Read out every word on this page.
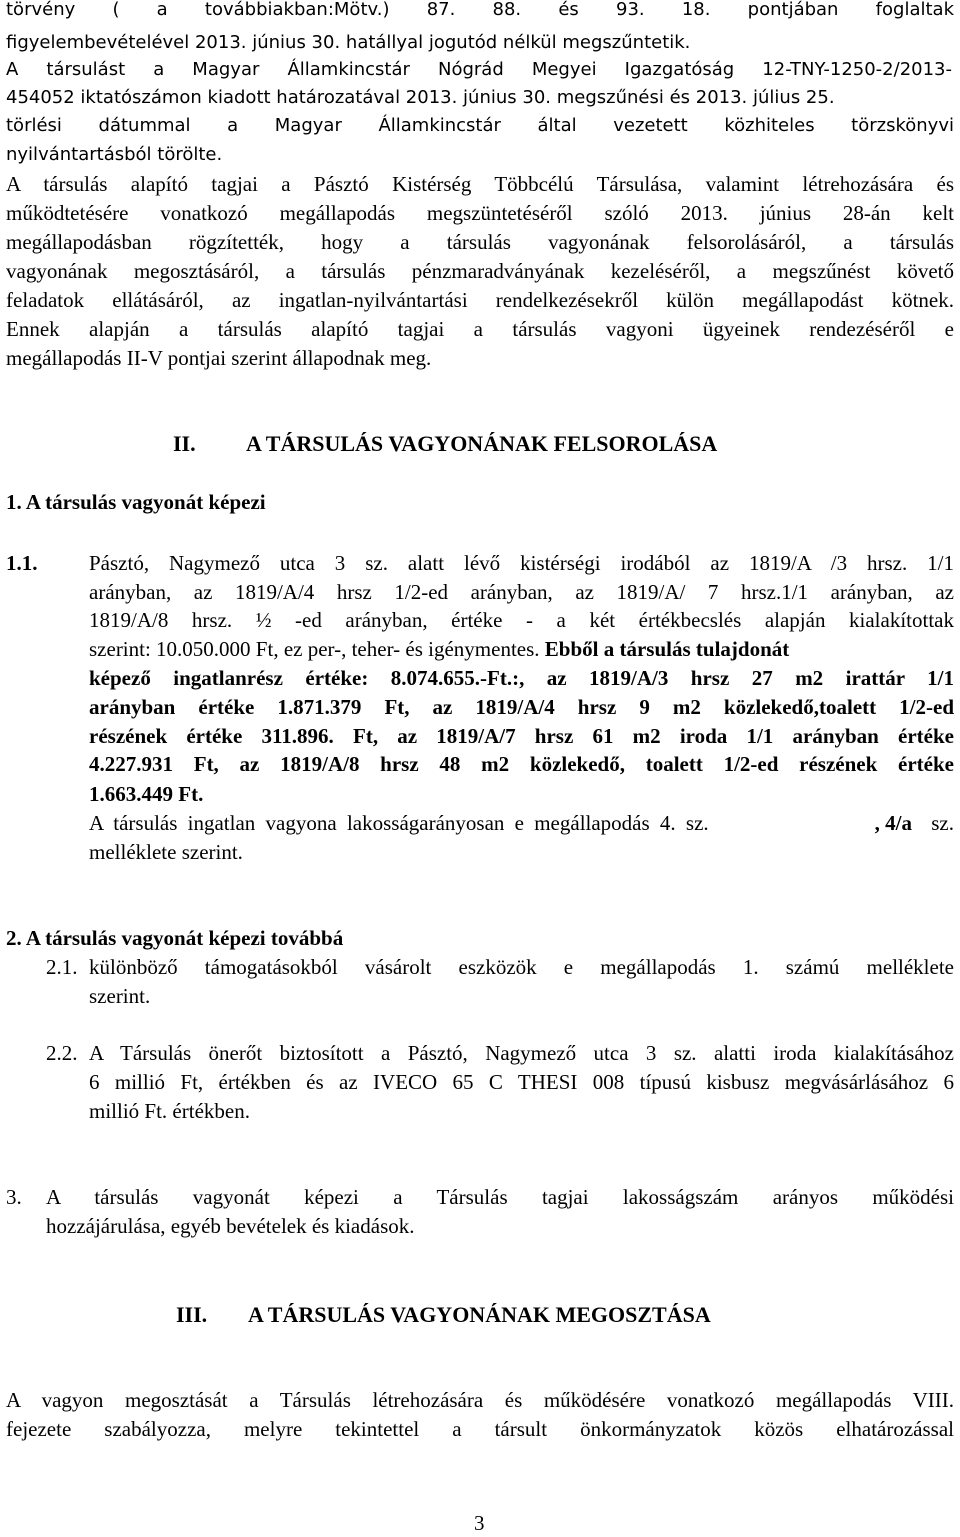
törvény ( a továbbiakban:Mötv.) 87. 88. és 93. 18. pontjában foglaltak
figyelembevételével 2013. június 30. hatállyal jogutód nélkül megszűntetik.
A társulást a Magyar Államkincstár Nógrád Megyei Igazgatóság 12-TNY-1250-2/2013-
454052 iktatószámon kiadott határozatával 2013. június 30. megszűnési és 2013. július 25.
törlési dátummal a Magyar Államkincstár által vezetett közhiteles törzskönyvi
nyilvántartásból törölte.
A társulás alapító tagjai a Pásztó Kistérség Többcélú Társulása, valamint létrehozására és
működtetésére vonatkozó megállapodás megszüntetéséről szóló 2013. június 28-án kelt
megállapodásban rögzítették, hogy a társulás vagyonának felsorolásáról, a társulás
vagyonának megosztásáról, a társulás pénzmaradványának kezeléséről, a megszűnést követő
feladatok ellátásáról, az ingatlan-nyilvántartási rendelkezésekről külön megállapodást kötnek.
Ennek alapján a társulás alapító tagjai a társulás vagyoni ügyeinek rendezéséről e
megállapodás II-V pontjai szerint állapodnak meg.
II. A TÁRSULÁS VAGYONÁNAK FELSOROLÁSA
1. A társulás vagyonát képezi
1.1. Pásztó, Nagymező utca 3 sz. alatt lévő kistérségi irodából az 1819/A /3 hrsz. 1/1
arányban, az 1819/A/4 hrsz 1/2-ed arányban, az 1819/A/ 7 hrsz.1/1 arányban, az
1819/A/8 hrsz. ½ -ed arányban, értéke - a két értékbecslés alapján kialakítottak
szerint: 10.050.000 Ft, ez per-, teher- és igénymentes. Ebből a társulás tulajdonát
képező ingatlanrész értéke: 8.074.655.-Ft.:, az 1819/A/3 hrsz 27 m2 irattár 1/1
arányban értéke 1.871.379 Ft, az 1819/A/4 hrsz 9 m2 közlekedő,toalett 1/2-ed
részének értéke 311.896. Ft, az 1819/A/7 hrsz 61 m2 iroda 1/1 arányban értéke
4.227.931 Ft, az 1819/A/8 hrsz 48 m2 közlekedő, toalett 1/2-ed részének értéke
1.663.449 Ft.
A társulás ingatlan vagyona lakosságarányosan e megállapodás 4. sz.	, 4/a sz.
melléklete szerint.
2. A társulás vagyonát képezi továbbá
2.1. különböző támogatásokból vásárolt eszközök e megállapodás 1. számú melléklete
szerint.
2.2. A Társulás önerőt biztosított a Pásztó, Nagymező utca 3 sz. alatti iroda kialakításához
6 millió Ft, értékben és az IVECO 65 C THESI 008 típusú kisbusz megvásárlásához 6
millió Ft. értékben.
3. A társulás vagyonát képezi a Társulás tagjai lakosságszám arányos működési
hozzájárulása, egyéb bevételek és kiadások.
III. A TÁRSULÁS VAGYONÁNAK MEGOSZTÁSA
A vagyon megosztását a Társulás létrehozására és működésére vonatkozó megállapodás VIII.
fejezete szabályozza, melyre tekintettel a társult önkormányzatok közös elhatározással
3
